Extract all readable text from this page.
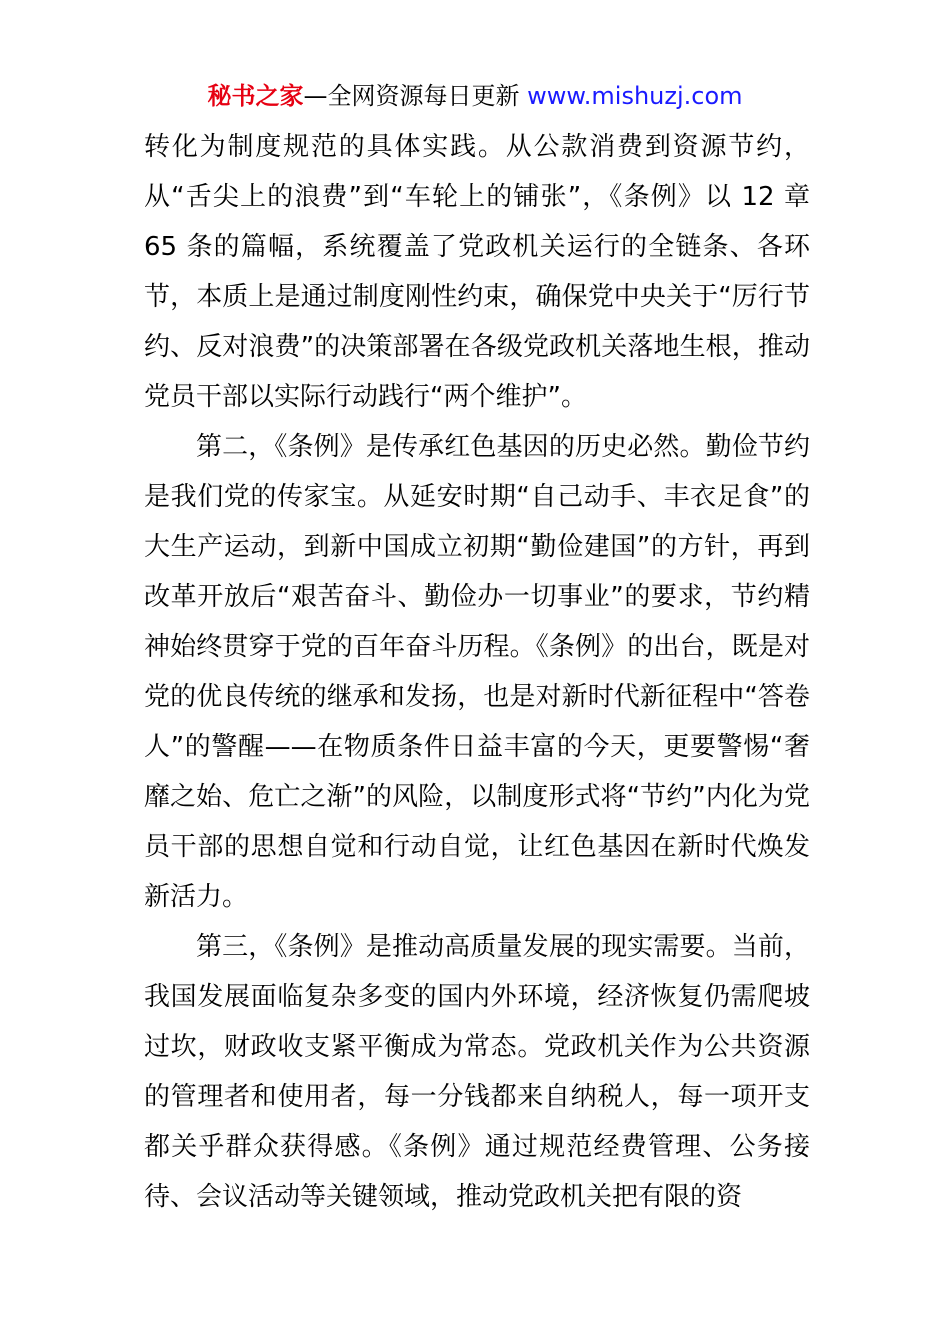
秘书之家—全网资源每日更新 www.mishuzj.com

转化为制度规范的具体实践。从公款消费到资源节约，从“舌尖上的浪费”到“车轮上的铺张”，《条例》以 12 章 65 条的篇幅，系统覆盖了党政机关运行的全链条、各环节，本质上是通过制度刚性约束，确保党中央关于“厉行节约、反对浪费”的决策部署在各级党政机关落地生根，推动党员干部以实际行动践行“两个维护”。

第二，《条例》是传承红色基因的历史必然。勤俭节约是我们党的传家宝。从延安时期“自己动手、丰衣足食”的大生产运动，到新中国成立初期“勤俭建国”的方针，再到改革开放后“艰苦奋斗、勤俭办一切事业”的要求，节约精神始终贯穿于党的百年奋斗历程。《条例》的出台，既是对党的优良传统的继承和发扬，也是对新时代新征程中“答卷人”的警醒——在物质条件日益丰富的今天，更要警惕“奢靡之始、危亡之渐”的风险，以制度形式将“节约”内化为党员干部的思想自觉和行动自觉，让红色基因在新时代焕发新活力。

第三，《条例》是推动高质量发展的现实需要。当前，我国发展面临复杂多变的国内外环境，经济恢复仍需爬坡过坎，财政收支紧平衡成为常态。党政机关作为公共资源的管理者和使用者，每一分钱都来自纳税人，每一项开支都关乎群众获得感。《条例》通过规范经费管理、公务接待、会议活动等关键领域，推动党政机关把有限的资
